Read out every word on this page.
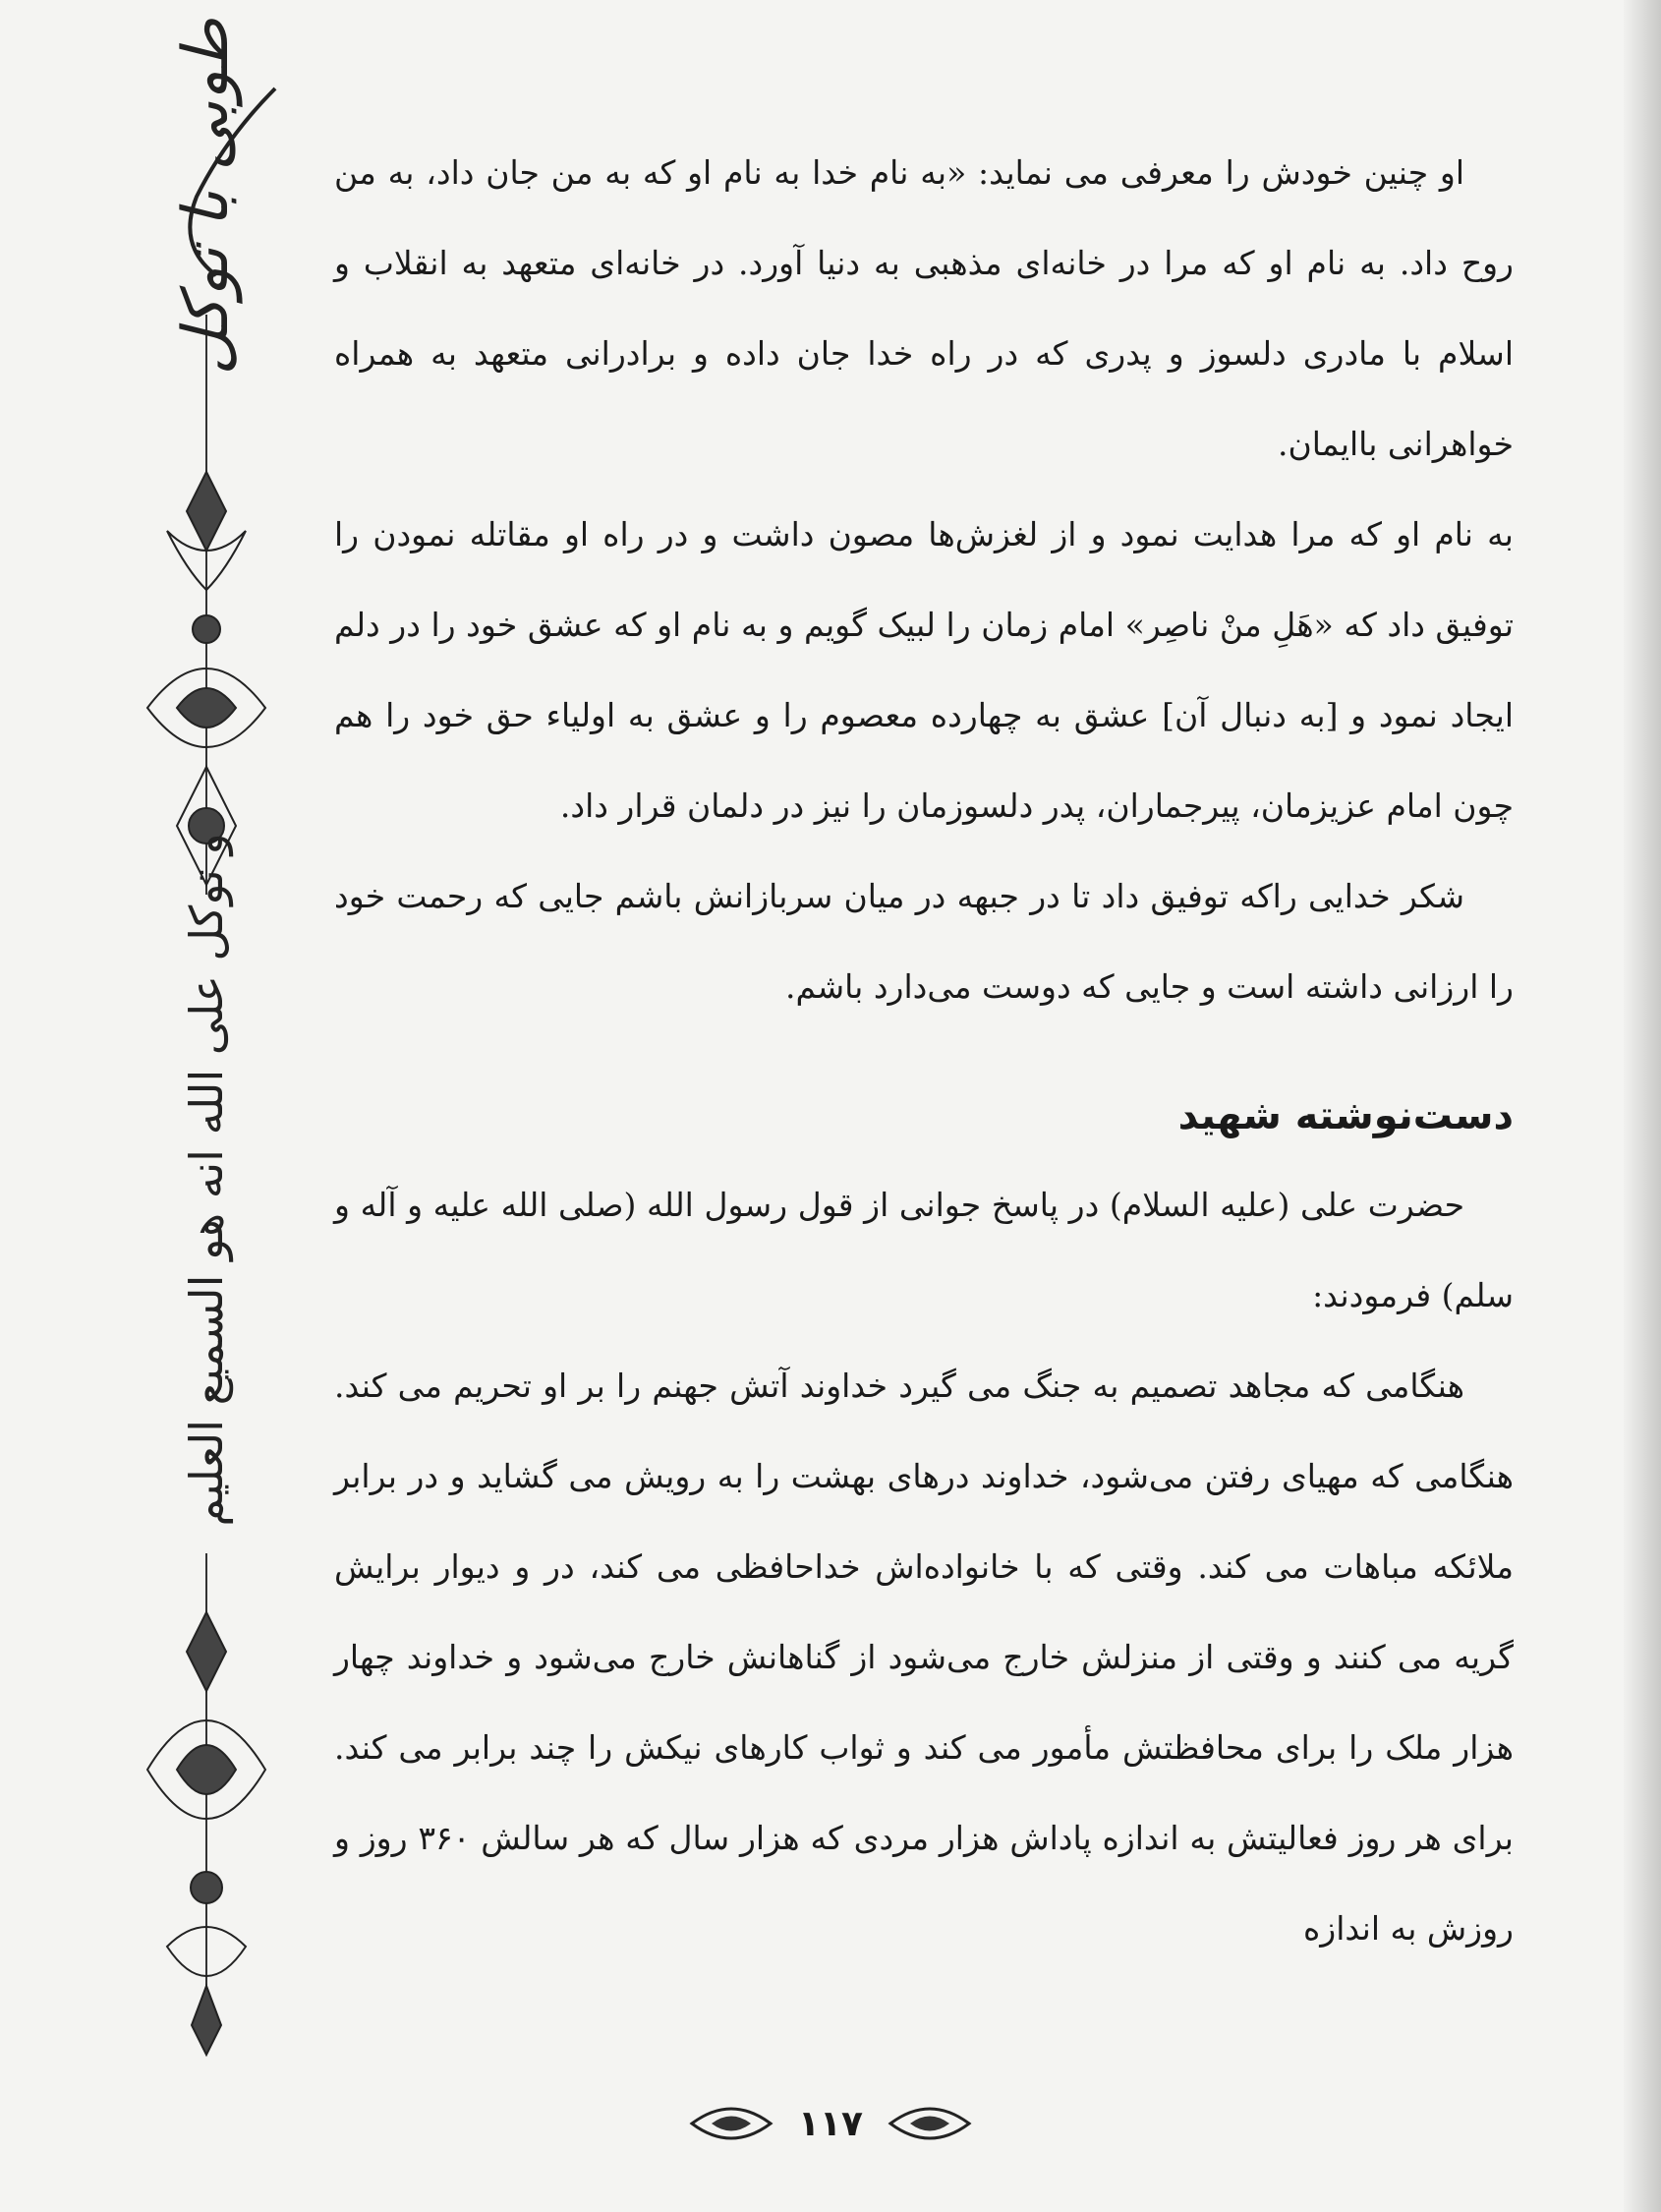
طوبی با توکل
و توکل علی الله انه هو السمیع العلیم

او چنین خودش را معرفی می نماید: «به نام خدا به نام او که به من جان داد، به من روح داد. به نام او که مرا در خانه‌ای مذهبی به دنیا آورد. در خانه‌ای متعهد به انقلاب و اسلام با مادری دلسوز و پدری که در راه خدا جان داده و برادرانی متعهد به همراه خواهرانی باایمان.

به نام او که مرا هدایت نمود و از لغزش‌ها مصون داشت و در راه او مقاتله نمودن را توفیق داد که «هَلِ منْ ناصِر» امام زمان را لبیک گویم و به نام او که عشق خود را در دلم ایجاد نمود و [به دنبال آن] عشق به چهارده معصوم را و عشق به اولیاء حق خود را هم چون امام عزیزمان، پیرجماران، پدر دلسوزمان را نیز در دلمان قرار داد.

شکر خدایی راکه توفیق داد تا در جبهه در میان سربازانش باشم جایی که رحمت خود را ارزانی داشته است و جایی که دوست می‌دارد باشم.

دست‌نوشته شهید

حضرت علی (علیه السلام) در پاسخ جوانی از قول رسول الله (صلی الله علیه و آله و سلم) فرمودند:

هنگامی که مجاهد تصمیم به جنگ می گیرد خداوند آتش جهنم را بر او تحریم می کند. هنگامی که مهیای رفتن می‌شود، خداوند درهای بهشت را به رویش می گشاید و در برابر ملائکه مباهات می کند. وقتی که با خانواده‌اش خداحافظی می کند، در و دیوار برایش گریه می کنند و وقتی از منزلش خارج می‌شود از گناهانش خارج می‌شود و خداوند چهار هزار ملک را برای محافظتش مأمور می کند و ثواب کارهای نیکش را چند برابر می کند. برای هر روز فعالیتش به اندازه پاداش هزار مردی که هزار سال که هر سالش ۳۶۰ روز و روزش به اندازه

۱۱۷
